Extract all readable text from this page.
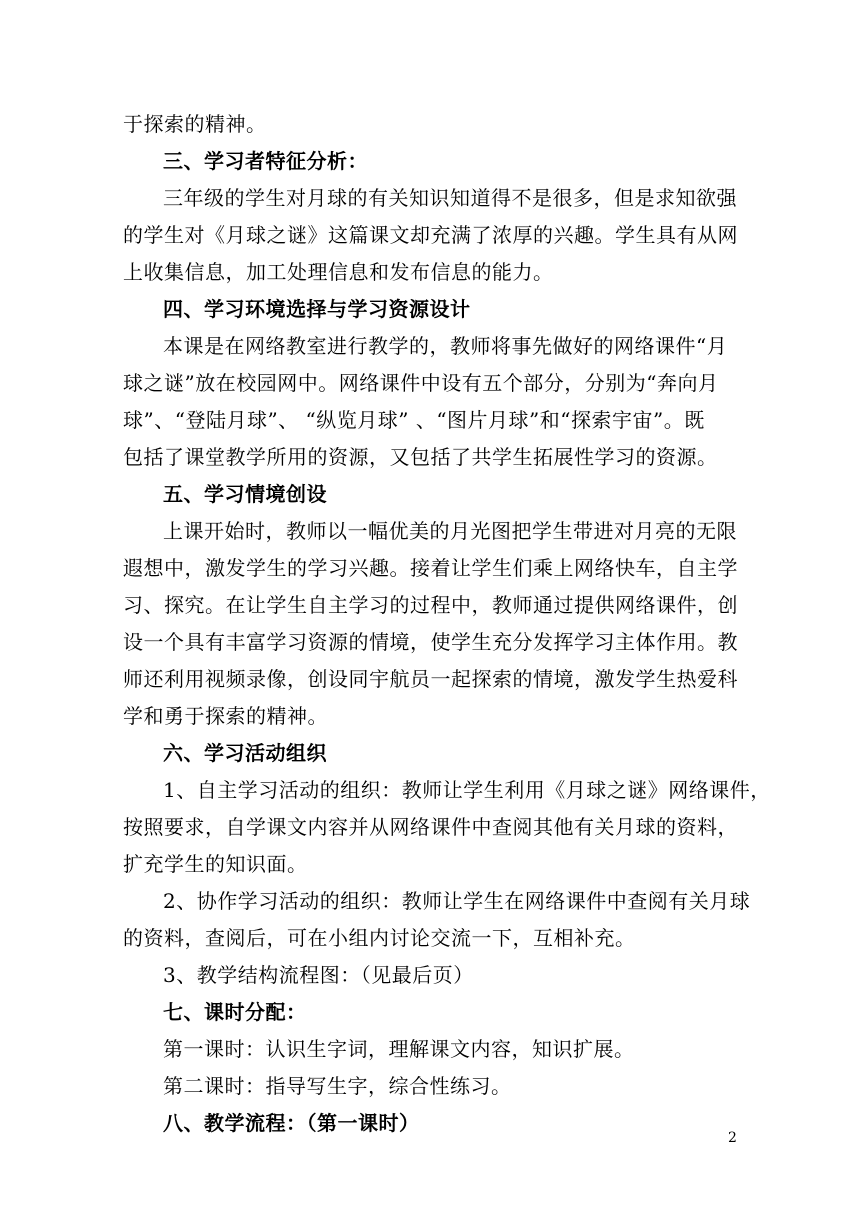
于探索的精神。
三、学习者特征分析：
三年级的学生对月球的有关知识知道得不是很多，但是求知欲强
的学生对《月球之谜》这篇课文却充满了浓厚的兴趣。学生具有从网
上收集信息，加工处理信息和发布信息的能力。
四、学习环境选择与学习资源设计
本课是在网络教室进行教学的，教师将事先做好的网络课件“月
球之谜”放在校园网中。网络课件中设有五个部分，分别为“奔向月
球”、“登陆月球”、 “纵览月球” 、“图片月球”和“探索宇宙”。既
包括了课堂教学所用的资源，又包括了共学生拓展性学习的资源。
五、学习情境创设
上课开始时，教师以一幅优美的月光图把学生带进对月亮的无限
遐想中，激发学生的学习兴趣。接着让学生们乘上网络快车，自主学
习、探究。在让学生自主学习的过程中，教师通过提供网络课件，创
设一个具有丰富学习资源的情境，使学生充分发挥学习主体作用。教
师还利用视频录像，创设同宇航员一起探索的情境，激发学生热爱科
学和勇于探索的精神。
六、学习活动组织
1、自主学习活动的组织：教师让学生利用《月球之谜》网络课件，
按照要求，自学课文内容并从网络课件中查阅其他有关月球的资料，
扩充学生的知识面。
2、协作学习活动的组织：教师让学生在网络课件中查阅有关月球
的资料，查阅后，可在小组内讨论交流一下，互相补充。
3、教学结构流程图：（见最后页）
七、课时分配：
第一课时：认识生字词，理解课文内容，知识扩展。
第二课时：指导写生字，综合性练习。
八、教学流程：（第一课时）
2
